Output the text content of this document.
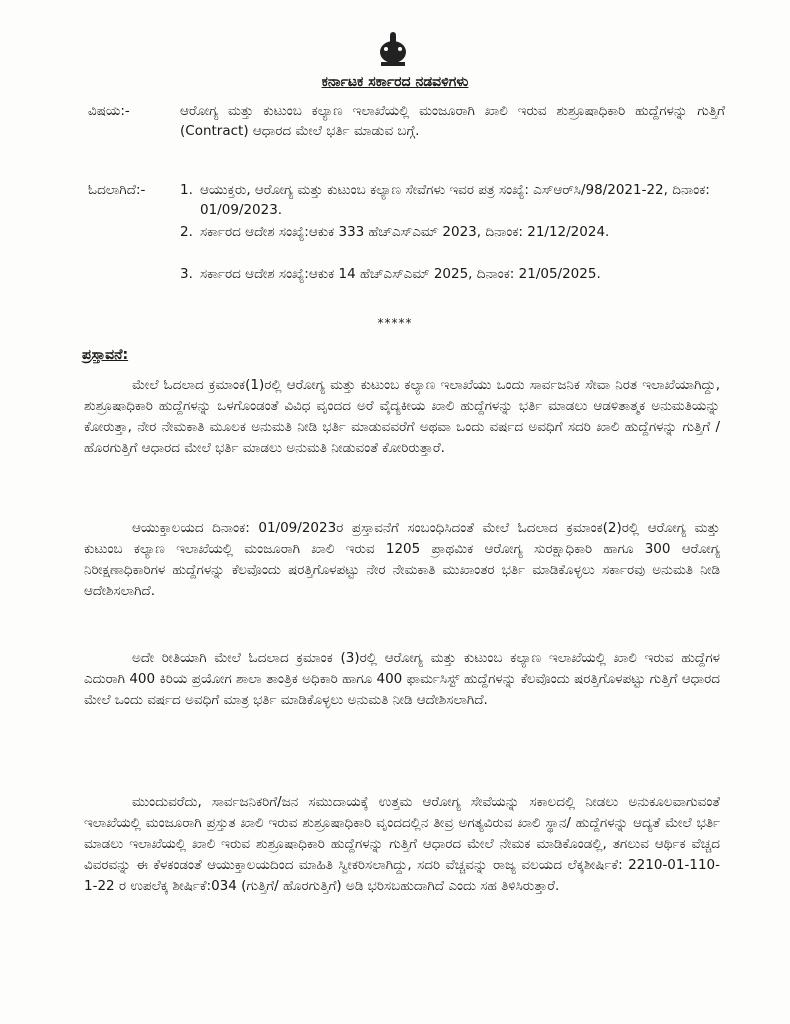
ಕರ್ನಾಟಕ ಸರ್ಕಾರದ ನಡವಳಿಗಳು
ವಿಷಯ:-	ಆರೋಗ್ಯ ಮತ್ತು ಕುಟುಂಬ ಕಲ್ಯಾಣ ಇಲಾಖೆಯಲ್ಲಿ ಮಂಜೂರಾಗಿ ಖಾಲಿ ಇರುವ ಶುಶ್ರೂಷಾಧಿಕಾರಿ ಹುದ್ದೆಗಳನ್ನು ಗುತ್ತಿಗೆ (Contract) ಆಧಾರದ ಮೇಲೆ ಭರ್ತಿ ಮಾಡುವ ಬಗ್ಗೆ.
ಓದಲಾಗಿದೆ:-	1. ಆಯುಕ್ತರು, ಆರೋಗ್ಯ ಮತ್ತು ಕುಟುಂಬ ಕಲ್ಯಾಣ ಸೇವೆಗಳು ಇವರ ಪತ್ರ ಸಂಖ್ಯೆ: ಎಸ್‌ಆರ್‌ಸಿ/98/2021-22, ದಿನಾಂಕ: 01/09/2023.
2. ಸರ್ಕಾರದ ಆದೇಶ ಸಂಖ್ಯೆ:ಆಕುಕ 333 ಹೆಚ್‌ಎಸ್‌ಎಮ್ 2023, ದಿನಾಂಕ: 21/12/2024.
3. ಸರ್ಕಾರದ ಆದೇಶ ಸಂಖ್ಯೆ:ಆಕುಕ 14 ಹೆಚ್‌ಎಸ್‌ಎಮ್ 2025, ದಿನಾಂಕ: 21/05/2025.
*****
ಪ್ರಸ್ತಾವನೆ:
ಮೇಲೆ ಓದಲಾದ ಕ್ರಮಾಂಕ(1)ರಲ್ಲಿ ಆರೋಗ್ಯ ಮತ್ತು ಕುಟುಂಬ ಕಲ್ಯಾಣ ಇಲಾಖೆಯು ಒಂದು ಸಾರ್ವಜನಿಕ ಸೇವಾ ನಿರತ ಇಲಾಖೆಯಾಗಿದ್ದು, ಶುಶ್ರೂಷಾಧಿಕಾರಿ ಹುದ್ದೆಗಳನ್ನು ಒಳಗೊಂಡಂತೆ ವಿವಿಧ ವೃಂದದ ಅರೆ ವೈದ್ಯಕೀಯ ಖಾಲಿ ಹುದ್ದೆಗಳನ್ನು ಭರ್ತಿ ಮಾಡಲು ಆಡಳಿತಾತ್ಮಕ ಅನುಮತಿಯನ್ನು ಕೋರುತ್ತಾ, ನೇರ ನೇಮಕಾತಿ ಮೂಲಕ ಅನುಮತಿ ನೀಡಿ ಭರ್ತಿ ಮಾಡುವವರೆಗೆ ಅಥವಾ ಒಂದು ವರ್ಷದ ಅವಧಿಗೆ ಸದರಿ ಖಾಲಿ ಹುದ್ದೆಗಳನ್ನು ಗುತ್ತಿಗೆ / ಹೊರಗುತ್ತಿಗೆ ಆಧಾರದ ಮೇಲೆ ಭರ್ತಿ ಮಾಡಲು ಅನುಮತಿ ನೀಡುವಂತೆ ಕೋರಿರುತ್ತಾರೆ.
ಆಯುಕ್ತಾಲಯದ ದಿನಾಂಕ: 01/09/2023ರ ಪ್ರಸ್ತಾವನೆಗೆ ಸಂಬಂಧಿಸಿದಂತೆ ಮೇಲೆ ಓದಲಾದ ಕ್ರಮಾಂಕ(2)ರಲ್ಲಿ ಆರೋಗ್ಯ ಮತ್ತು ಕುಟುಂಬ ಕಲ್ಯಾಣ ಇಲಾಖೆಯಲ್ಲಿ ಮಂಜೂರಾಗಿ ಖಾಲಿ ಇರುವ 1205 ಪ್ರಾಥಮಿಕ ಆರೋಗ್ಯ ಸುರಕ್ಷಾಧಿಕಾರಿ ಹಾಗೂ 300 ಆರೋಗ್ಯ ನಿರೀಕ್ಷಣಾಧಿಕಾರಿಗಳ ಹುದ್ದೆಗಳನ್ನು ಕೆಲವೊಂದು ಷರತ್ತಿಗೊಳಪಟ್ಟು ನೇರ ನೇಮಕಾತಿ ಮುಖಾಂತರ ಭರ್ತಿ ಮಾಡಿಕೊಳ್ಳಲು ಸರ್ಕಾರವು ಅನುಮತಿ ನೀಡಿ ಆದೇಶಿಸಲಾಗಿದೆ.
ಅದೇ ರೀತಿಯಾಗಿ ಮೇಲೆ ಓದಲಾದ ಕ್ರಮಾಂಕ (3)ರಲ್ಲಿ ಆರೋಗ್ಯ ಮತ್ತು ಕುಟುಂಬ ಕಲ್ಯಾಣ ಇಲಾಖೆಯಲ್ಲಿ ಖಾಲಿ ಇರುವ ಹುದ್ದೆಗಳ ಎದುರಾಗಿ 400 ಕಿರಿಯ ಪ್ರಯೋಗ ಶಾಲಾ ತಾಂತ್ರಿಕ ಅಧಿಕಾರಿ ಹಾಗೂ 400 ಫಾರ್ಮಸಿಸ್ಟ್ ಹುದ್ದೆಗಳನ್ನು ಕೆಲವೊಂದು ಷರತ್ತಿಗೊಳಪಟ್ಟು ಗುತ್ತಿಗೆ ಆಧಾರದ ಮೇಲೆ ಒಂದು ವರ್ಷದ ಅವಧಿಗೆ ಮಾತ್ರ ಭರ್ತಿ ಮಾಡಿಕೊಳ್ಳಲು ಅನುಮತಿ ನೀಡಿ ಆದೇಶಿಸಲಾಗಿದೆ.
ಮುಂದುವರೆದು, ಸಾರ್ವಜನಿಕರಿಗೆ/ಜನ ಸಮುದಾಯಕ್ಕೆ ಉತ್ತಮ ಆರೋಗ್ಯ ಸೇವೆಯನ್ನು ಸಕಾಲದಲ್ಲಿ ನೀಡಲು ಅನುಕೂಲವಾಗುವಂತೆ ಇಲಾಖೆಯಲ್ಲಿ ಮಂಜೂರಾಗಿ ಪ್ರಸ್ತುತ ಖಾಲಿ ಇರುವ ಶುಶ್ರೂಷಾಧಿಕಾರಿ ವೃಂದದಲ್ಲಿನ ತೀವ್ರ ಅಗತ್ಯವಿರುವ ಖಾಲಿ ಸ್ಥಾನ/ ಹುದ್ದೆಗಳನ್ನು ಆದ್ಯತೆ ಮೇಲೆ ಭರ್ತಿ ಮಾಡಲು ಇಲಾಖೆಯಲ್ಲಿ ಖಾಲಿ ಇರುವ ಶುಶ್ರೂಷಾಧಿಕಾರಿ ಹುದ್ದೆಗಳನ್ನು ಗುತ್ತಿಗೆ ಆಧಾರದ ಮೇಲೆ ನೇಮಕ ಮಾಡಿಕೊಂಡಲ್ಲಿ, ತಗಲುವ ಆರ್ಥಿಕ ವೆಚ್ಚದ ವಿವರವನ್ನು ಈ ಕೆಳಕಂಡಂತೆ ಆಯುಕ್ತಾಲಯದಿಂದ ಮಾಹಿತಿ ಸ್ವೀಕರಿಸಲಾಗಿದ್ದು, ಸದರಿ ವೆಚ್ಚವನ್ನು ರಾಜ್ಯ ವಲಯದ ಲೆಕ್ಕಶೀರ್ಷಿಕೆ: 2210-01-110-1-22 ರ ಉಪಲೆಕ್ಕ ಶೀರ್ಷಿಕೆ:034 (ಗುತ್ತಿಗೆ/ ಹೊರಗುತ್ತಿಗೆ) ಅಡಿ ಭರಿಸಬಹುದಾಗಿದೆ ಎಂದು ಸಹ ತಿಳಿಸಿರುತ್ತಾರೆ.
